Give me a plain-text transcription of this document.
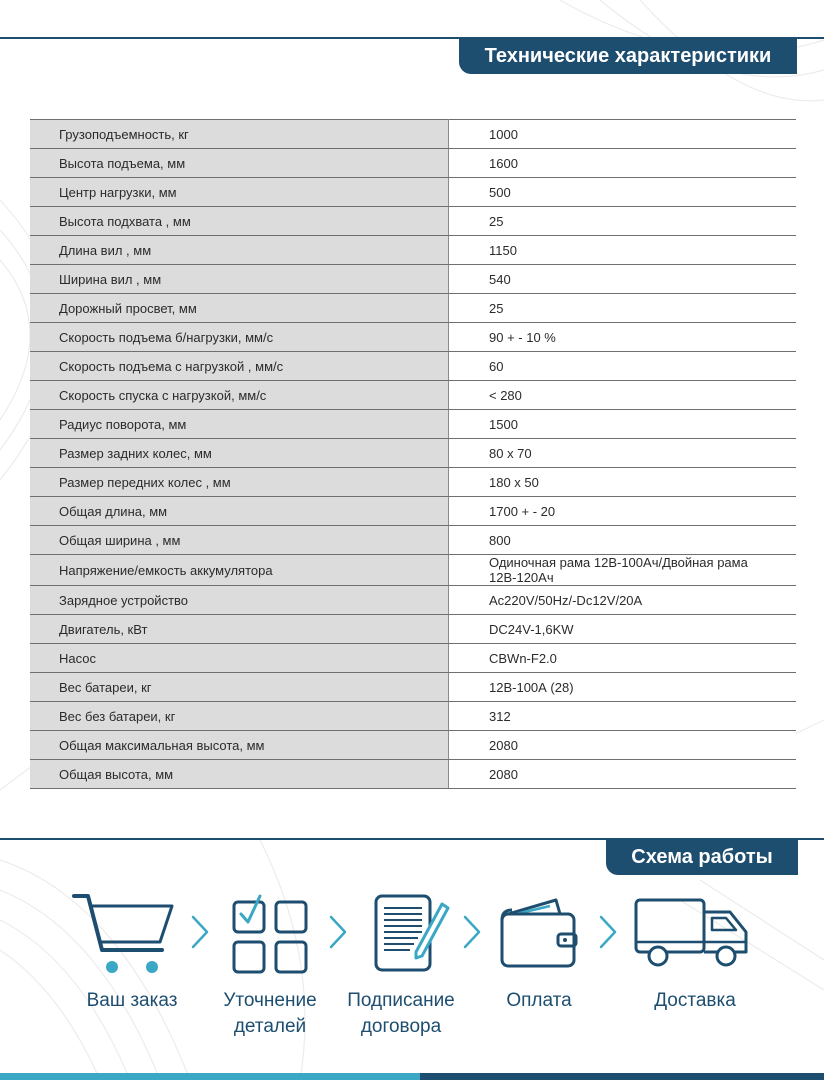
Технические характеристики
Грузоподъемность, кг	1000
Высота подъема, мм	1600
Центр нагрузки, мм	500
Высота подхвата , мм	25
Длина вил , мм	1150
Ширина вил , мм	540
Дорожный просвет, мм	25
Скорость подъема б/нагрузки, мм/с	90 + - 10 %
Скорость подъема с нагрузкой , мм/с	60
Скорость спуска с нагрузкой, мм/с	< 280
Радиус поворота, мм	1500
Размер задних колес, мм	80 x 70
Размер передних колес , мм	180 x 50
Общая длина, мм	1700 + - 20
Общая ширина , мм	800
Напряжение/емкость аккумулятора	Одиночная рама 12В-100Ач/Двойная рама 12В-120Ач
Зарядное устройство	Ac220V/50Hz/-Dc12V/20A
Двигатель, кВт	DC24V-1,6KW
Насос	CBWn-F2.0
Вес батареи, кг	12В-100А (28)
Вес без батареи, кг	312
Общая максимальная высота, мм	2080
Общая высота, мм	2080
Схема работы
Ваш заказ	Уточнение
деталей
Подписание
договора
Оплата	Доставка
